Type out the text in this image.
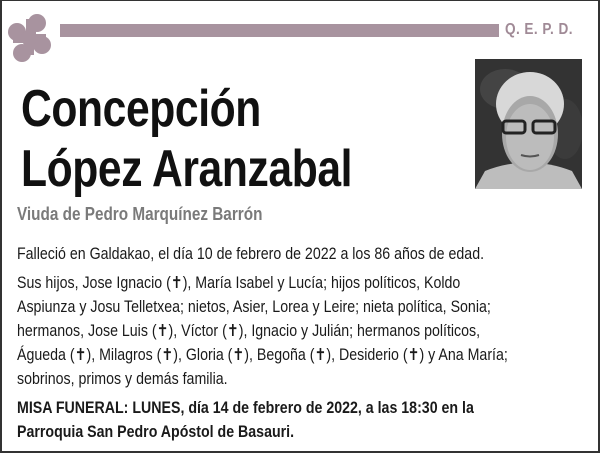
Q. E. P. D.
Concepción
López Aranzabal
Viuda de Pedro Marquínez Barrón
Falleció en Galdakao, el día 10 de febrero de 2022 a los 86 años de edad.
Sus hijos, Jose Ignacio (✝), María Isabel y Lucía; hijos políticos, Koldo
Aspiunza y Josu Telletxea; nietos, Asier, Lorea y Leire; nieta política, Sonia;
hermanos, Jose Luis (✝), Víctor (✝), Ignacio y Julián; hermanos políticos,
Águeda (✝), Milagros (✝), Gloria (✝), Begoña (✝), Desiderio (✝) y Ana María;
sobrinos, primos y demás familia.
MISA FUNERAL: LUNES, día 14 de febrero de 2022, a las 18:30 en la
Parroquia San Pedro Apóstol de Basauri.
